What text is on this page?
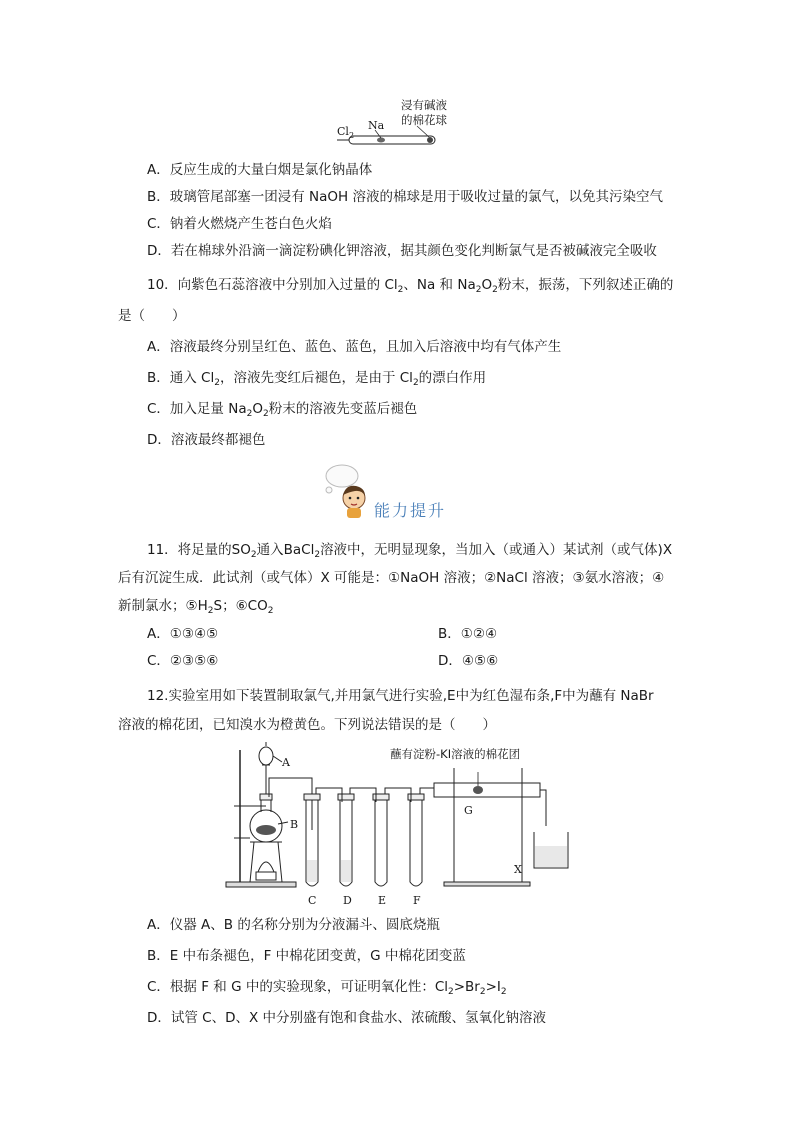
$Cl_2$
Na
浸有碱液
的棉花球
A．反应生成的大量白烟是氯化钠晶体
B．玻璃管尾部塞一团浸有 NaOH 溶液的棉球是用于吸收过量的氯气，以免其污染空气
C．钠着火燃烧产生苍白色火焰
D．若在棉球外沿滴一滴淀粉碘化钾溶液，据其颜色变化判断氯气是否被碱液完全吸收
10．向紫色石蕊溶液中分别加入过量的 $Cl_2$、Na 和 $Na_2O_2$粉末，振荡，下列叙述正确的
是（　　）
A．溶液最终分别呈红色、蓝色、蓝色，且加入后溶液中均有气体产生
B．通入 $Cl_2$，溶液先变红后褪色，是由于 $Cl_2$的漂白作用
C．加入足量 $Na_2O_2$粉末的溶液先变蓝后褪色
D．溶液最终都褪色
能力提升
11．将足量的$SO_2$通入BaCl$_2$溶液中，无明显现象，当加入（或通入）某试剂（或气体)X
后有沉淀生成．此试剂（或气体）X 可能是：①NaOH 溶液；②NaCl 溶液；③氨水溶液；④
新制氯水；$⑤H_2S$；$⑥CO_2$
A．①③④⑤	B．①②④
C．②③⑤⑥	D．④⑤⑥
12.实验室用如下装置制取氯气,并用氯气进行实验,E中为红色湿布条,F中为蘸有 NaBr
溶液的棉花团，已知溴水为橙黄色。下列说法错误的是（　　）
A
B
C D E F
G
X
蘸有淀粉-KI溶液的棉花团
A．仪器 A、B 的名称分别为分液漏斗、圆底烧瓶
B．E 中布条褪色，F 中棉花团变黄，G 中棉花团变蓝
C．根据 F 和 G 中的实验现象，可证明氧化性：$Cl_2>Br_2>I_2$
D．试管 C、D、X 中分别盛有饱和食盐水、浓硫酸、氢氧化钠溶液
